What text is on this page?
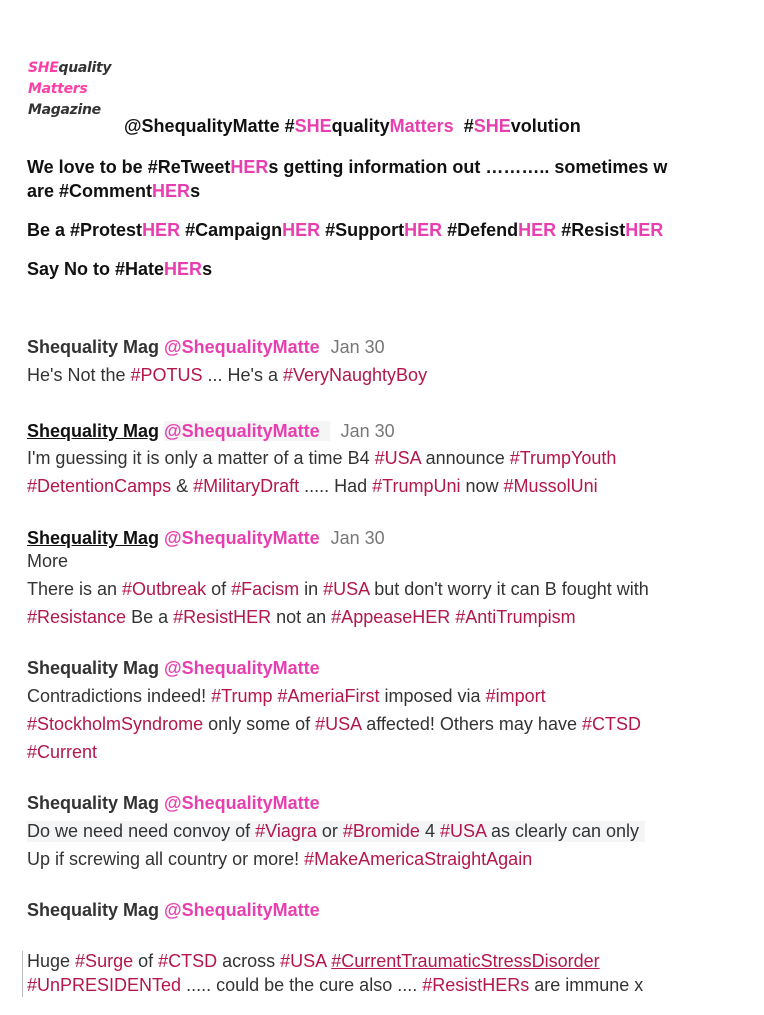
SHEquality
Matters
Magazine
@ShequalityMatte #SHEqualityMatters #SHEvolution
We love to be #ReTweetHERs getting information out ……….. sometimes w
are #CommentHERs
Be a #ProtestHER #CampaignHER #SupportHER #DefendHER #ResistHER
Say No to #HateHERs
Shequality Mag @ShequalityMatte Jan 30
He's Not the #POTUS ... He's a #VeryNaughtyBoy
Shequality Mag @ShequalityMatte Jan 30
I'm guessing it is only a matter of a time B4 #USA announce #TrumpYouth
#DetentionCamps & #MilitaryDraft ..... Had #TrumpUni now #MussolUni
Shequality Mag @ShequalityMatte Jan 30
More
There is an #Outbreak of #Facism in #USA but don't worry it can B fought with
#Resistance Be a #ResistHER not an #AppeaseHER #AntiTrumpism
Shequality Mag @ShequalityMatte
Contradictions indeed! #Trump #AmeriaFirst imposed via #import
#StockholmSyndrome only some of #USA affected! Others may have #CTSD
#Current
Shequality Mag @ShequalityMatte
Do we need need convoy of #Viagra or #Bromide 4 #USA as clearly can only
Up if screwing all country or more! #MakeAmericaStraightAgain
Shequality Mag @ShequalityMatte
Huge #Surge of #CTSD across #USA #CurrentTraumaticStressDisorder
#UnPRESIDENTed ..... could be the cure also .... #ResistHERs are immune x
